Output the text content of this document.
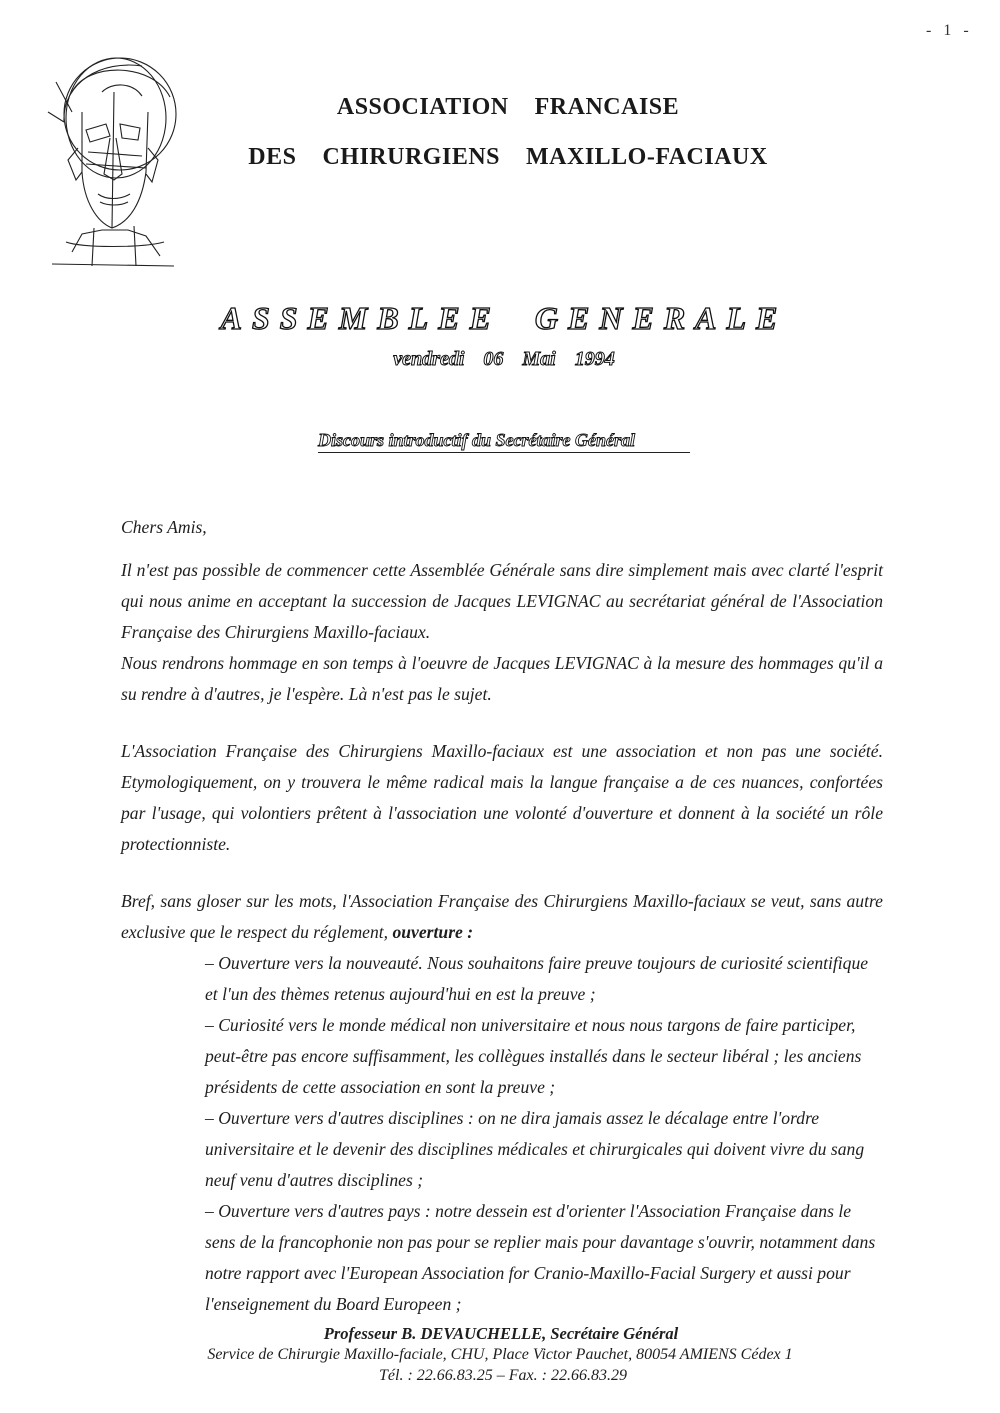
- 1 -
ASSOCIATION FRANCAISE
DES CHIRURGIENS MAXILLO-FACIAUX
ASSEMBLEE GENERALE
vendredi 06 Mai 1994
Discours introductif du Secrétaire Général

Chers Amis,

Il n'est pas possible de commencer cette Assemblée Générale sans dire simplement mais avec clarté l'esprit qui nous anime en acceptant la succession de Jacques LEVIGNAC au secrétariat général de l'Association Française des Chirurgiens Maxillo-faciaux.

Nous rendrons hommage en son temps à l'oeuvre de Jacques LEVIGNAC à la mesure des hommages qu'il a su rendre à d'autres, je l'espère. Là n'est pas le sujet.

L'Association Française des Chirurgiens Maxillo-faciaux est une association et non pas une société. Etymologiquement, on y trouvera le même radical mais la langue française a de ces nuances, confortées par l'usage, qui volontiers prêtent à l'association une volonté d'ouverture et donnent à la société un rôle protectionniste.

Bref, sans gloser sur les mots, l'Association Française des Chirurgiens Maxillo-faciaux se veut, sans autre exclusive que le respect du réglement, ouverture :

– Ouverture vers la nouveauté. Nous souhaitons faire preuve toujours de curiosité scientifique et l'un des thèmes retenus aujourd'hui en est la preuve ;
– Curiosité vers le monde médical non universitaire et nous nous targons de faire participer, peut-être pas encore suffisamment, les collègues installés dans le secteur libéral ; les anciens présidents de cette association en sont la preuve ;
– Ouverture vers d'autres disciplines : on ne dira jamais assez le décalage entre l'ordre universitaire et le devenir des disciplines médicales et chirurgicales qui doivent vivre du sang neuf venu d'autres disciplines ;
– Ouverture vers d'autres pays : notre dessein est d'orienter l'Association Française dans le sens de la francophonie non pas pour se replier mais pour davantage s'ouvrir, notamment dans notre rapport avec l'European Association for Cranio-Maxillo-Facial Surgery et aussi pour l'enseignement du Board Europeen ;
Professeur B. DEVAUCHELLE, Secrétaire Général
Service de Chirurgie Maxillo-faciale, CHU, Place Victor Pauchet, 80054 AMIENS Cédex 1
Tél. : 22.66.83.25 – Fax. : 22.66.83.29
